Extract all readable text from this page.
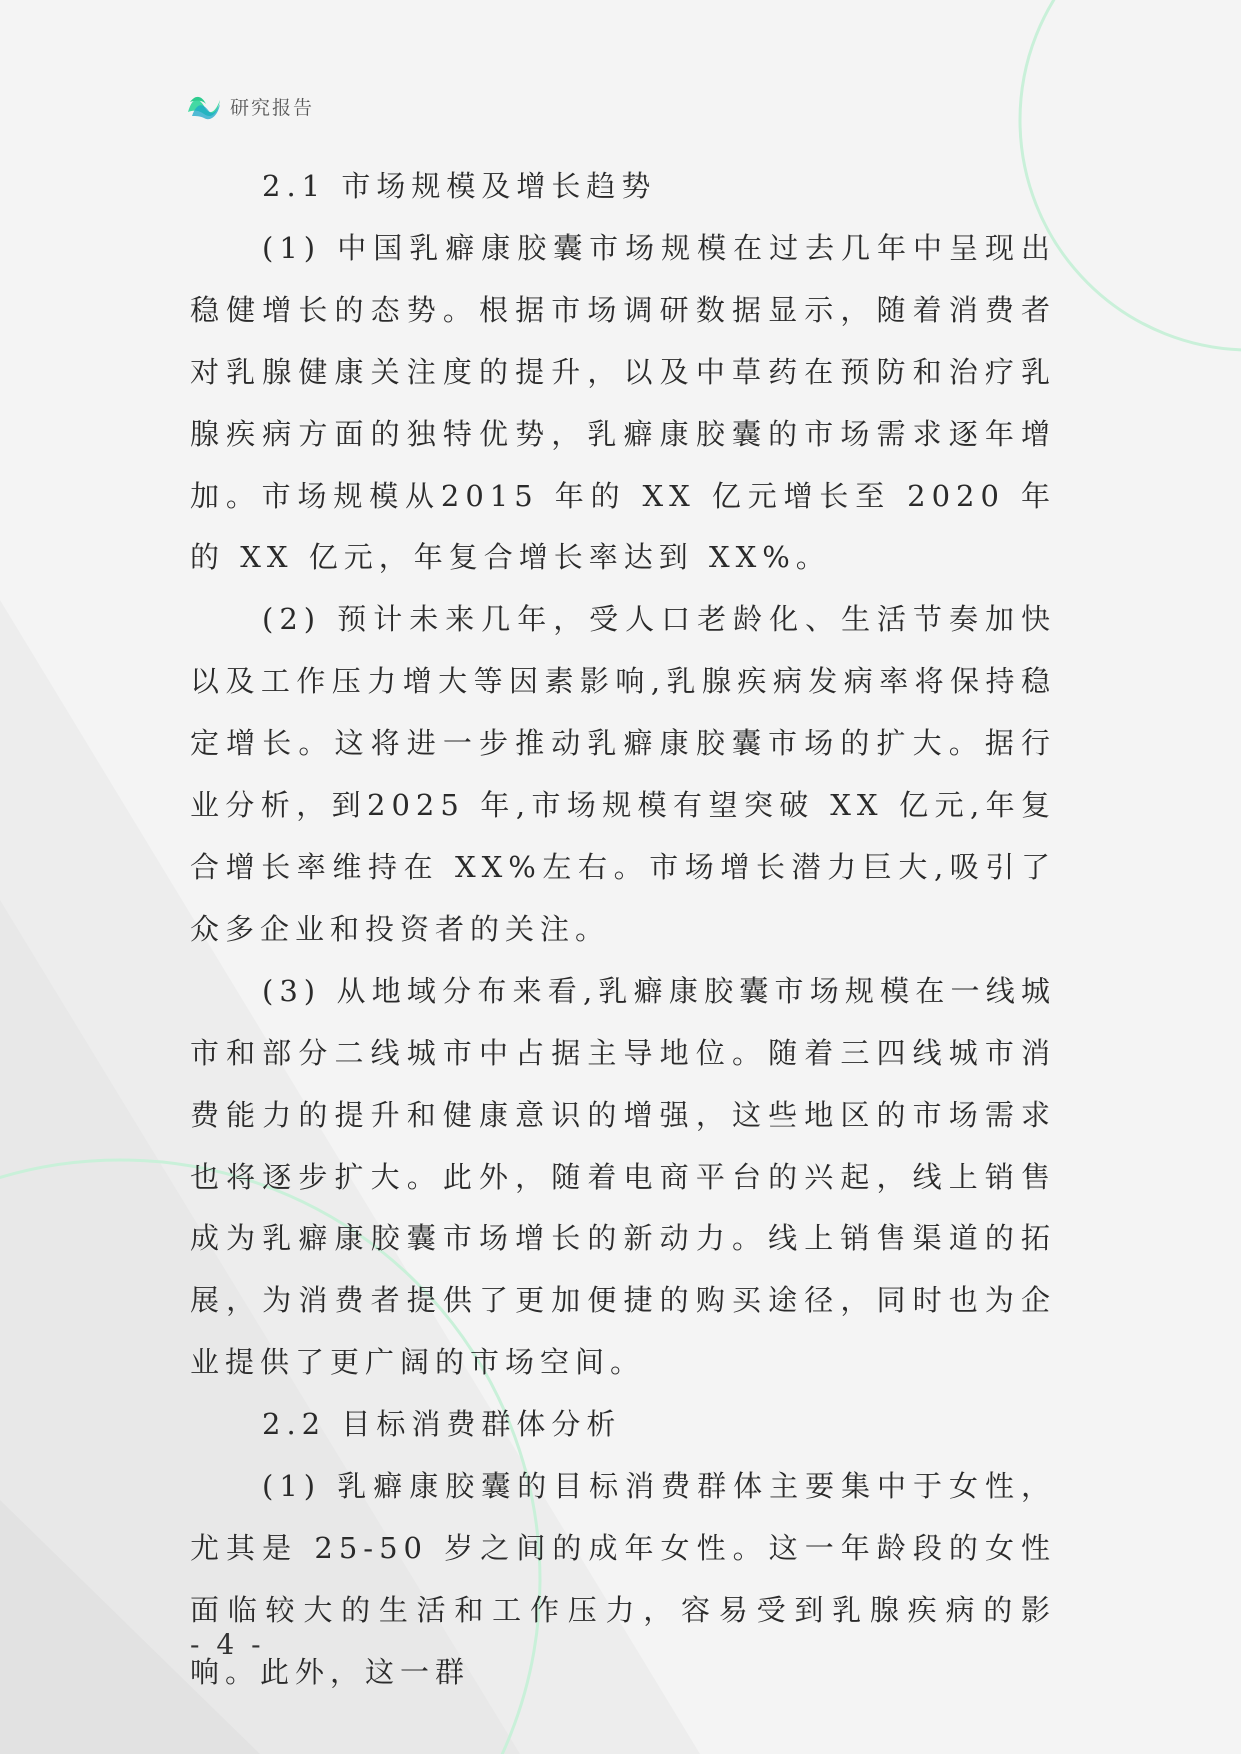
研究报告

2.1 市场规模及增长趋势

(1) 中国乳癖康胶囊市场规模在过去几年中呈现出稳健增长的态势。根据市场调研数据显示，随着消费者对乳腺健康关注度的提升，以及中草药在预防和治疗乳腺疾病方面的独特优势，乳癖康胶囊的市场需求逐年增加。市场规模从2015 年的 XX 亿元增长至 2020 年的 XX 亿元，年复合增长率达到 XX%。

(2) 预计未来几年，受人口老龄化、生活节奏加快以及工作压力增大等因素影响,乳腺疾病发病率将保持稳定增长。这将进一步推动乳癖康胶囊市场的扩大。据行业分析，到2025 年,市场规模有望突破 XX 亿元,年复合增长率维持在 XX%左右。市场增长潜力巨大,吸引了众多企业和投资者的关注。

(3) 从地域分布来看,乳癖康胶囊市场规模在一线城市和部分二线城市中占据主导地位。随着三四线城市消费能力的提升和健康意识的增强，这些地区的市场需求也将逐步扩大。此外，随着电商平台的兴起，线上销售成为乳癖康胶囊市场增长的新动力。线上销售渠道的拓展，为消费者提供了更加便捷的购买途径，同时也为企业提供了更广阔的市场空间。

2.2 目标消费群体分析

(1) 乳癖康胶囊的目标消费群体主要集中于女性，尤其是 25-50 岁之间的成年女性。这一年龄段的女性面临较大的生活和工作压力，容易受到乳腺疾病的影响。此外，这一群

- 4 -
